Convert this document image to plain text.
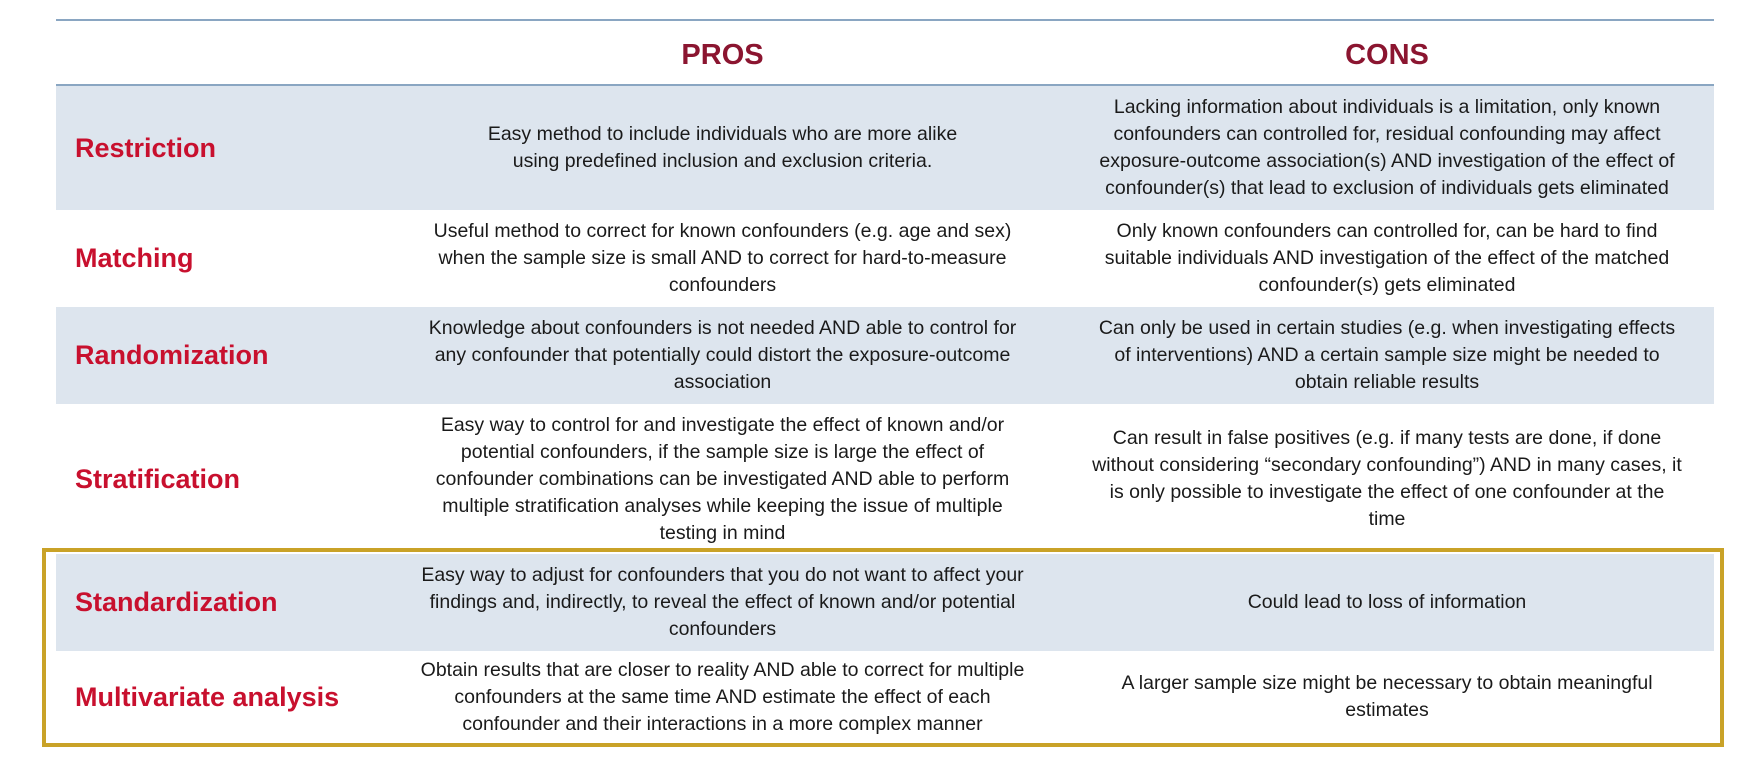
PROS	CONS
Restriction	Easy method to include individuals who are more alike
using predefined inclusion and exclusion criteria.
Lacking information about individuals is a limitation, only known
confounders can controlled for, residual confounding may affect
exposure-outcome association(s) AND investigation of the effect of
confounder(s) that lead to exclusion of individuals gets eliminated
Matching
Useful method to correct for known confounders (e.g. age and sex)
when the sample size is small AND to correct for hard-to-measure
confounders
Only known confounders can controlled for, can be hard to find
suitable individuals AND investigation of the effect of the matched
confounder(s) gets eliminated
Randomization
Knowledge about confounders is not needed AND able to control for
any confounder that potentially could distort the exposure-outcome
association
Can only be used in certain studies (e.g. when investigating effects
of interventions) AND a certain sample size might be needed to
obtain reliable results
Stratification
Easy way to control for and investigate the effect of known and/or
potential confounders, if the sample size is large the effect of
confounder combinations can be investigated AND able to perform
multiple stratification analyses while keeping the issue of multiple
testing in mind
Can result in false positives (e.g. if many tests are done, if done
without considering “secondary confounding”) AND in many cases, it
is only possible to investigate the effect of one confounder at the
time
Standardization
Easy way to adjust for confounders that you do not want to affect your
findings and, indirectly, to reveal the effect of known and/or potential
confounders
Could lead to loss of information
Multivariate analysis
Obtain results that are closer to reality AND able to correct for multiple
confounders at the same time AND estimate the effect of each
confounder and their interactions in a more complex manner
A larger sample size might be necessary to obtain meaningful
estimates
